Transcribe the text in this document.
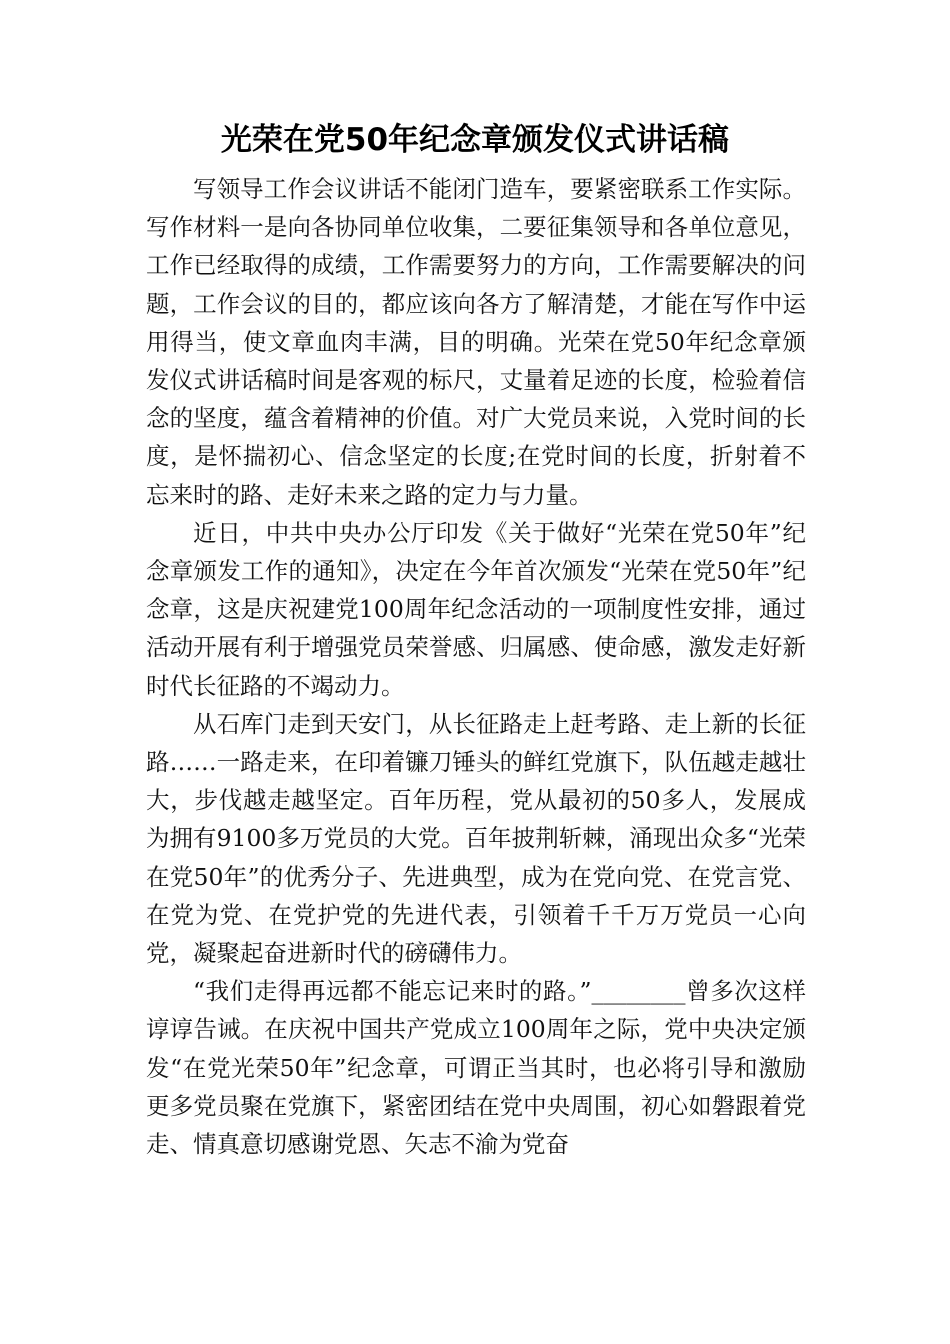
光荣在党50年纪念章颁发仪式讲话稿

写领导工作会议讲话不能闭门造车，要紧密联系工作实际。写作材料一是向各协同单位收集，二要征集领导和各单位意见，工作已经取得的成绩，工作需要努力的方向，工作需要解决的问题，工作会议的目的，都应该向各方了解清楚，才能在写作中运用得当，使文章血肉丰满，目的明确。光荣在党50年纪念章颁发仪式讲话稿时间是客观的标尺，丈量着足迹的长度，检验着信念的坚度，蕴含着精神的价值。对广大党员来说，入党时间的长度，是怀揣初心、信念坚定的长度;在党时间的长度，折射着不忘来时的路、走好未来之路的定力与力量。

近日，中共中央办公厅印发《关于做好“光荣在党50年”纪念章颁发工作的通知》，决定在今年首次颁发“光荣在党50年”纪念章，这是庆祝建党100周年纪念活动的一项制度性安排，通过活动开展有利于增强党员荣誉感、归属感、使命感，激发走好新时代长征路的不竭动力。

从石库门走到天安门，从长征路走上赶考路、走上新的长征路……一路走来，在印着镰刀锤头的鲜红党旗下，队伍越走越壮大，步伐越走越坚定。百年历程，党从最初的50多人，发展成为拥有9100多万党员的大党。百年披荆斩棘，涌现出众多“光荣在党50年”的优秀分子、先进典型，成为在党向党、在党言党、在党为党、在党护党的先进代表，引领着千千万万党员一心向党，凝聚起奋进新时代的磅礴伟力。

“我们走得再远都不能忘记来时的路。”________曾多次这样谆谆告诫。在庆祝中国共产党成立100周年之际，党中央决定颁发“在党光荣50年”纪念章，可谓正当其时，也必将引导和激励更多党员聚在党旗下，紧密团结在党中央周围，初心如磐跟着党走、情真意切感谢党恩、矢志不渝为党奋
